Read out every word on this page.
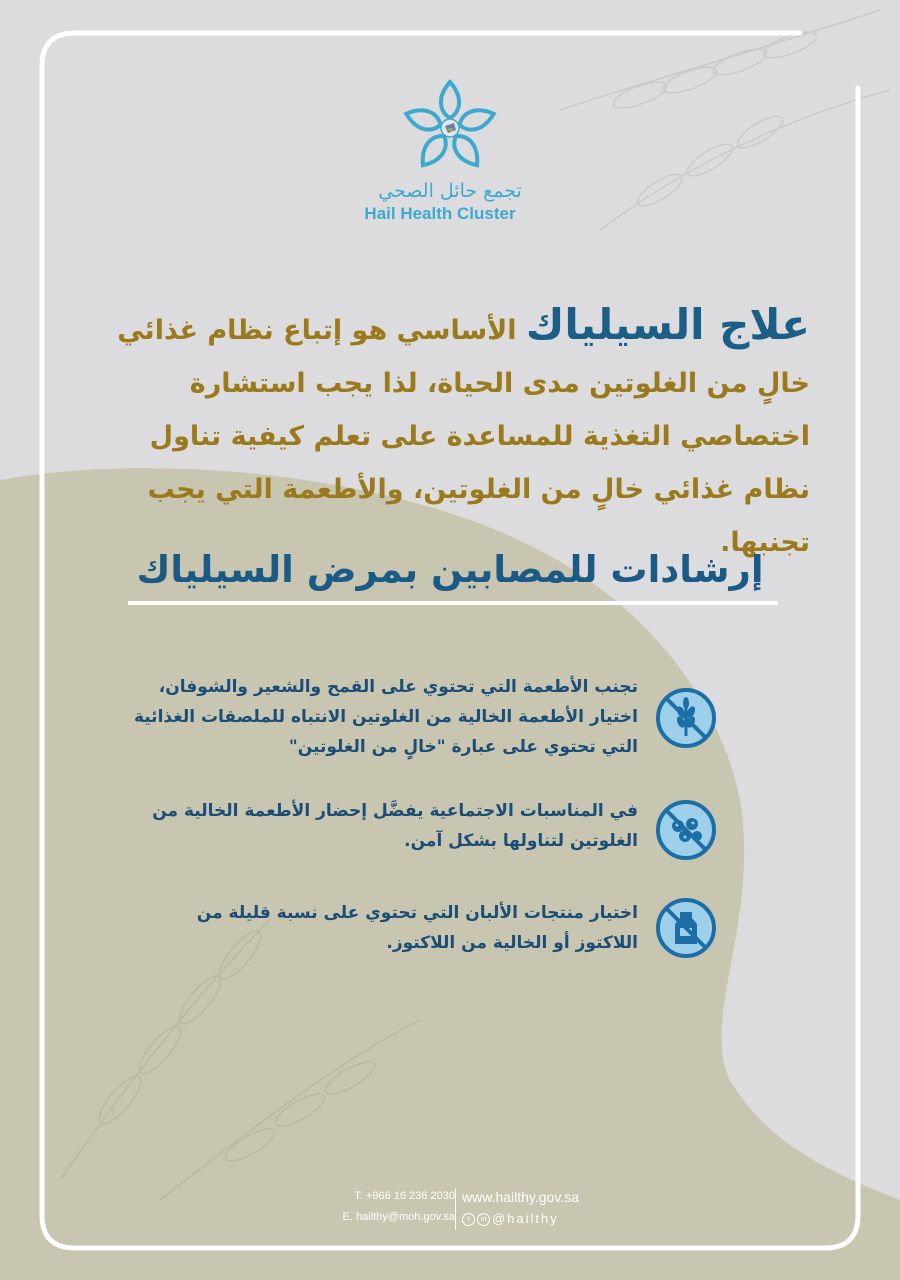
تجمع حائل الصحي
Hail Health Cluster
علاج السيلياك الأساسي هو إتباع نظام غذائي خالٍ من الغلوتين مدى الحياة، لذا يجب استشارة اختصاصي التغذية للمساعدة على تعلم كيفية تناول نظام غذائي خالٍ من الغلوتين، والأطعمة التي يجب تجنبها.
إرشادات للمصابين بمرض السيلياك
تجنب الأطعمة التي تحتوي على القمح والشعير والشوفان،
اختيار الأطعمة الخالية من الغلوتين الانتباه للملصقات الغذائية
التي تحتوي على عبارة "خالٍ من الغلوتين"
في المناسبات الاجتماعية يفضَّل إحضار الأطعمة الخالية من
الغلوتين لتناولها بشكل آمن.
اختيار منتجات الألبان التي تحتوي على نسبة قليلة من
اللاكتوز أو الخالية من اللاكتوز.
T. +966 16 236 2030
E. hailthy@moh.gov.sa
www.hailthy.gov.sa
t in @hailthy
